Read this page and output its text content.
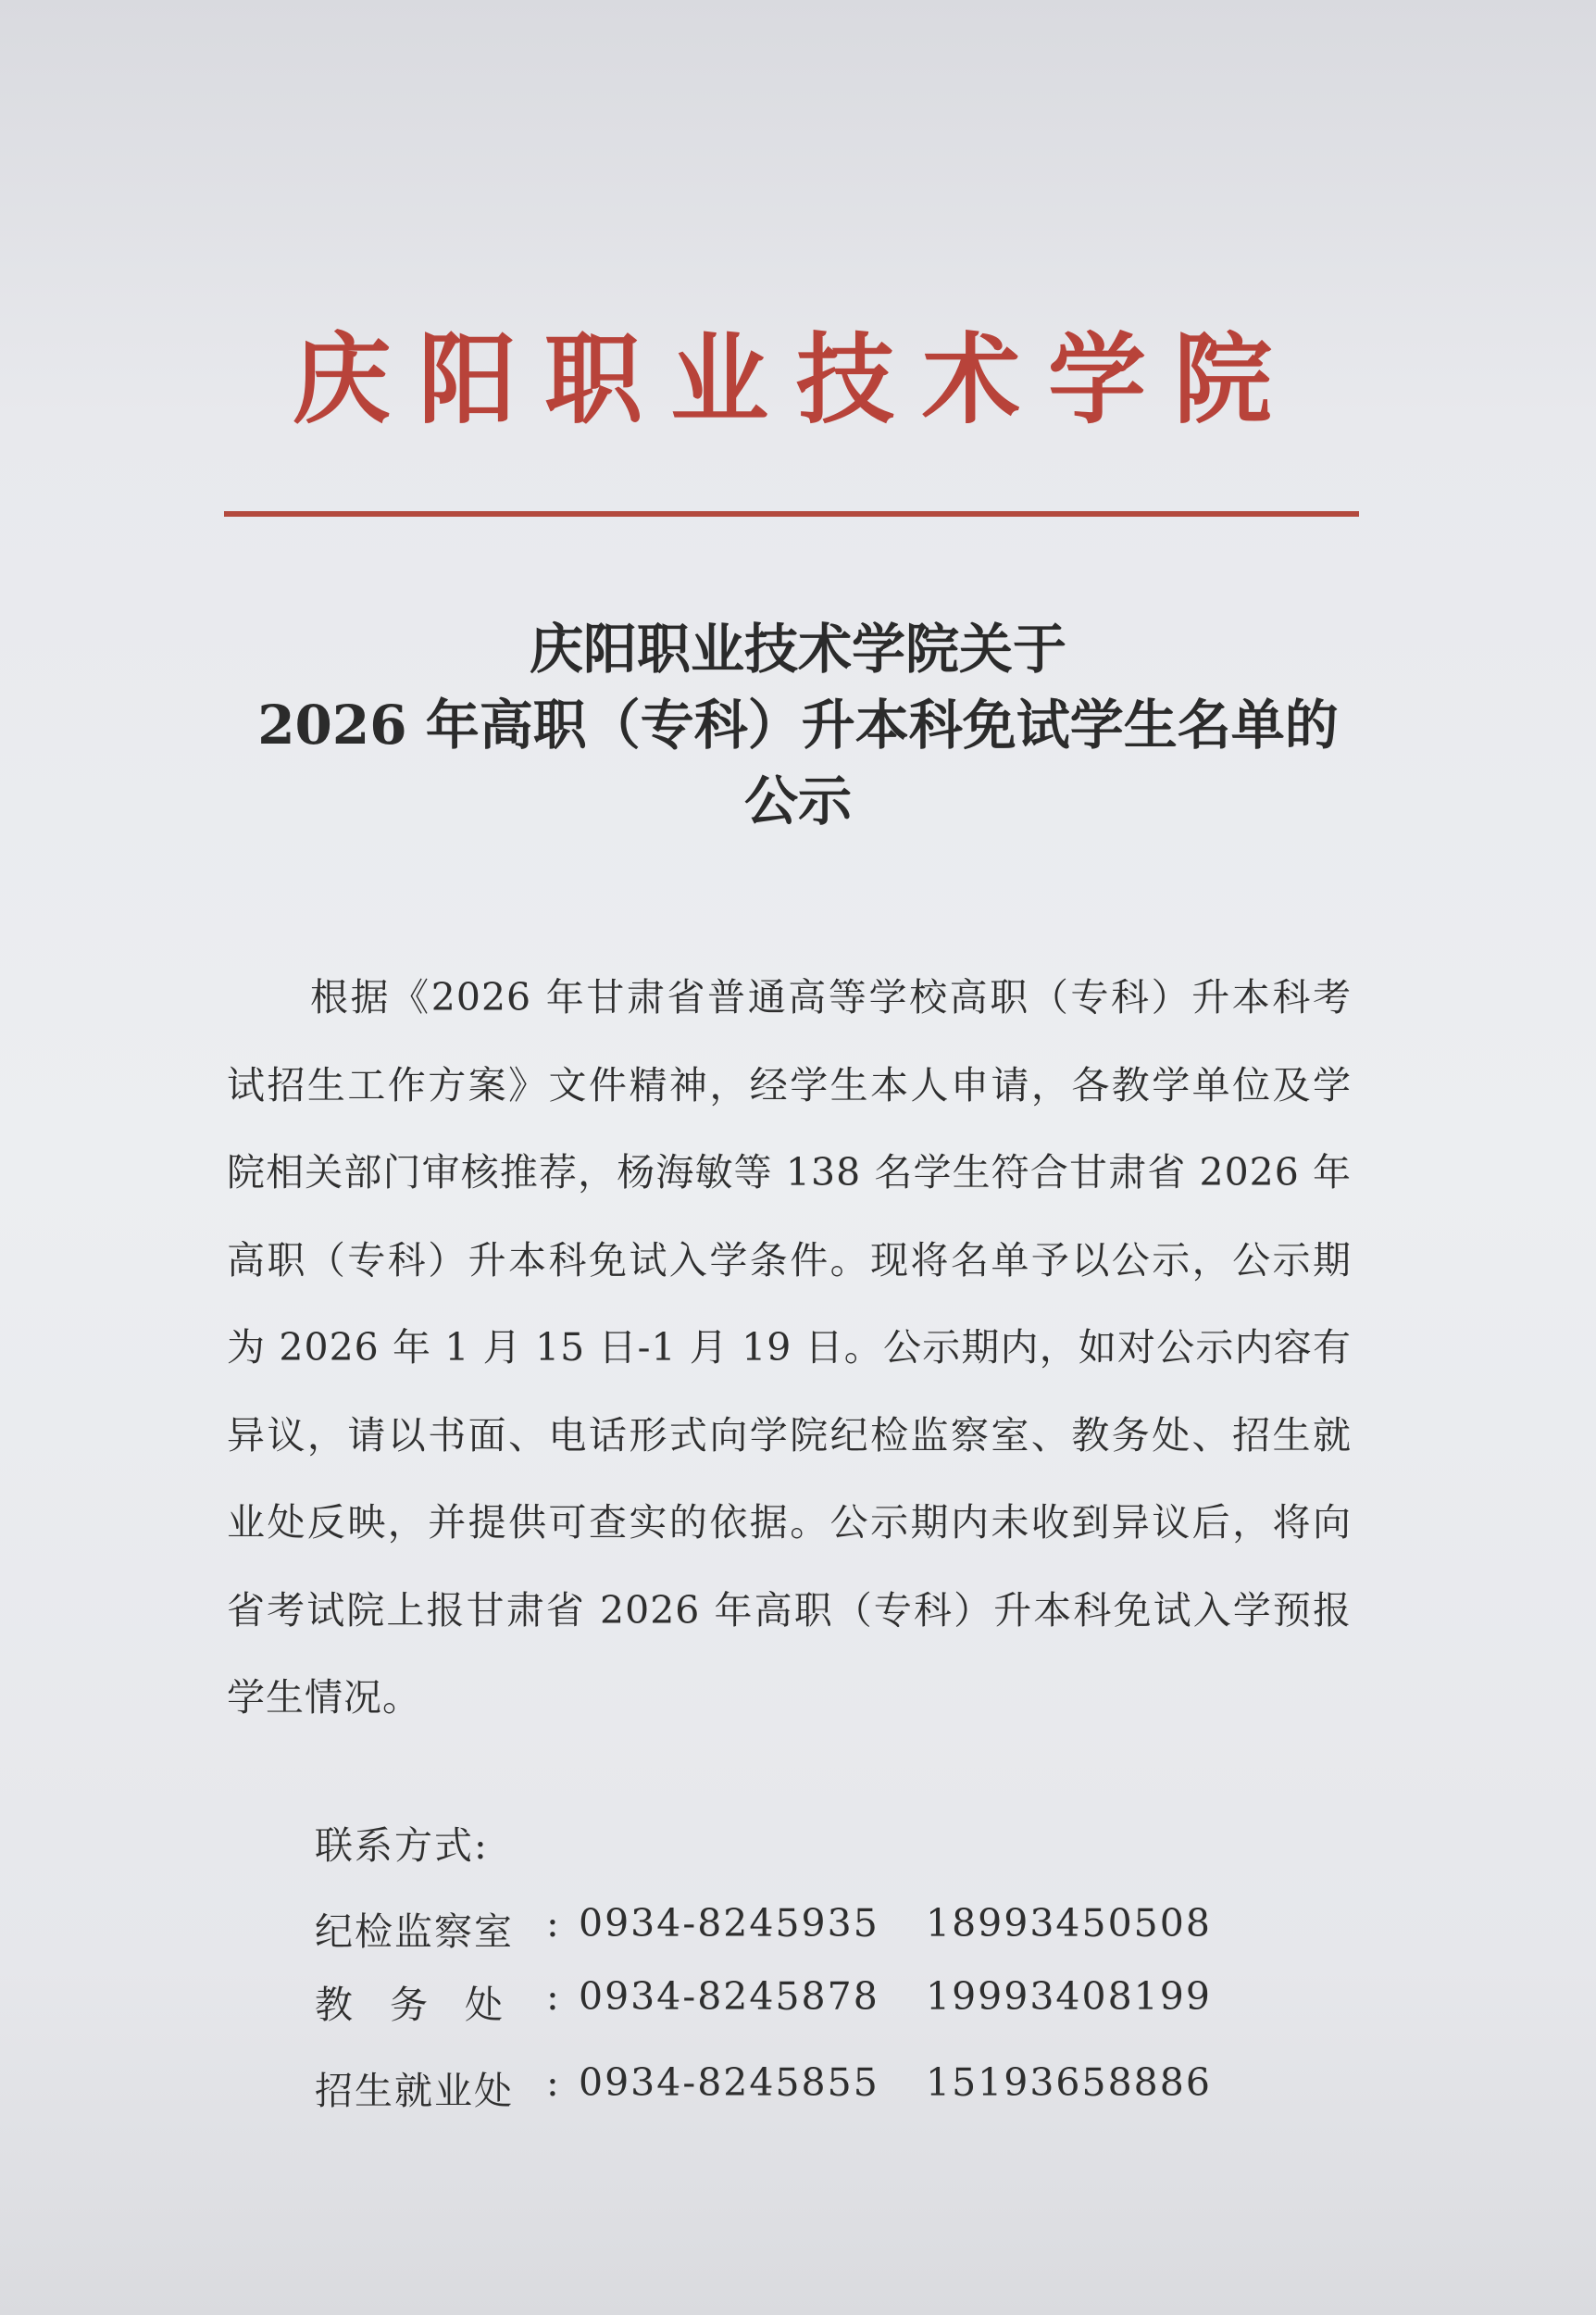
庆阳职业技术学院
庆阳职业技术学院关于
2026 年高职（专科）升本科免试学生名单的
公示
根据《2026 年甘肃省普通高等学校高职（专科）升本科考试招生工作方案》文件精神，经学生本人申请，各教学单位及学院相关部门审核推荐，杨海敏等 138 名学生符合甘肃省 2026 年高职（专科）升本科免试入学条件。现将名单予以公示，公示期为 2026 年 1 月 15 日-1 月 19 日。公示期内，如对公示内容有异议，请以书面、电话形式向学院纪检监察室、教务处、招生就业处反映，并提供可查实的依据。公示期内未收到异议后，将向省考试院上报甘肃省 2026 年高职（专科）升本科免试入学预报学生情况。
联系方式:
纪检监察室 : 0934-8245935 18993450508
教务处 : 0934-8245878 19993408199
招生就业处 : 0934-8245855 15193658886
